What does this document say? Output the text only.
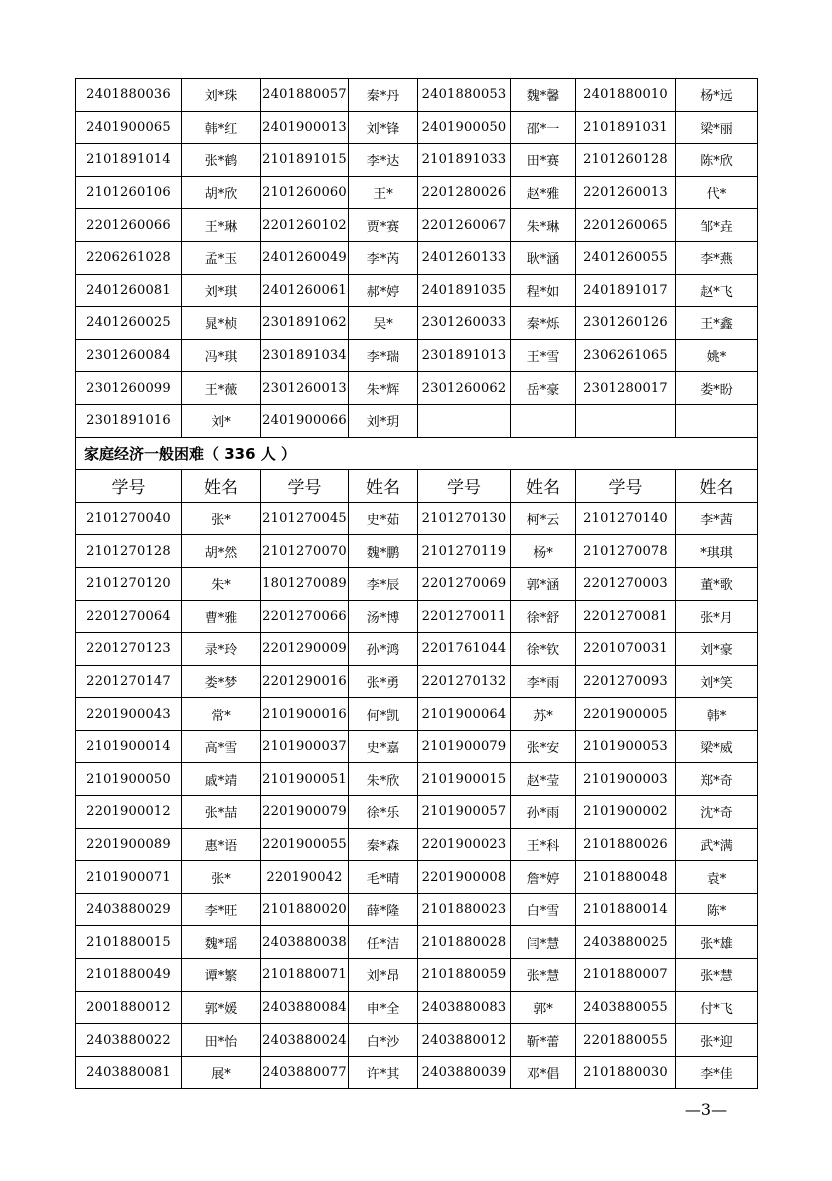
2401880036	刘*珠	2401880057	秦*丹	2401880053	魏*馨	2401880010	杨*远
2401900065	韩*红	2401900013	刘*锋	2401900050	邵*一	2101891031	梁*丽
2101891014	张*鹤	2101891015	李*达	2101891033	田*赛	2101260128	陈*欣
2101260106	胡*欣	2101260060	王*	2201280026	赵*雅	2201260013	代*
2201260066	王*琳	2201260102	贾*赛	2201260067	朱*琳	2201260065	邹*垚
2206261028	孟*玉	2401260049	李*芮	2401260133	耿*涵	2401260055	李*燕
2401260081	刘*琪	2401260061	郝*婷	2401891035	程*如	2401891017	赵*飞
2401260025	晁*桢	2301891062	吴*	2301260033	秦*烁	2301260126	王*鑫
2301260084	冯*琪	2301891034	李*瑞	2301891013	王*雪	2306261065	姚*
2301260099	王*薇	2301260013	朱*辉	2301260062	岳*豪	2301280017	娄*盼
2301891016	刘*	2401900066	刘*玥				
家庭经济一般困难（ 336 人 ）							
学号	姓名	学号	姓名	学号	姓名	学号	姓名
2101270040	张*	2101270045	史*茹	2101270130	柯*云	2101270140	李*茜
2101270128	胡*然	2101270070	魏*鹏	2101270119	杨*	2101270078	*琪琪
2101270120	朱*	1801270089	李*辰	2201270069	郭*涵	2201270003	董*歌
2201270064	曹*雅	2201270066	汤*博	2201270011	徐*舒	2201270081	张*月
2201270123	录*玲	2201290009	孙*鸿	2201761044	徐*钦	2201070031	刘*豪
2201270147	娄*梦	2201290016	张*勇	2201270132	李*雨	2201270093	刘*笑
2201900043	常*	2101900016	何*凯	2101900064	苏*	2201900005	韩*
2101900014	高*雪	2101900037	史*嘉	2101900079	张*安	2101900053	梁*威
2101900050	戚*靖	2101900051	朱*欣	2101900015	赵*莹	2101900003	郑*奇
2201900012	张*喆	2201900079	徐*乐	2101900057	孙*雨	2101900002	沈*奇
2201900089	惠*语	2201900055	秦*森	2201900023	王*科	2101880026	武*满
2101900071	张*	220190042	毛*晴	2201900008	詹*婷	2101880048	袁*
2403880029	李*旺	2101880020	薛*隆	2101880023	白*雪	2101880014	陈*
2101880015	魏*瑶	2403880038	任*洁	2101880028	闫*慧	2403880025	张*雄
2101880049	谭*繁	2101880071	刘*昂	2101880059	张*慧	2101880007	张*慧
2001880012	郭*媛	2403880084	申*全	2403880083	郭*	2403880055	付*飞
2403880022	田*怡	2403880024	白*沙	2403880012	靳*蕾	2201880055	张*迎
2403880081	展*	2403880077	许*其	2403880039	邓*倡	2101880030	李*佳
—3—
